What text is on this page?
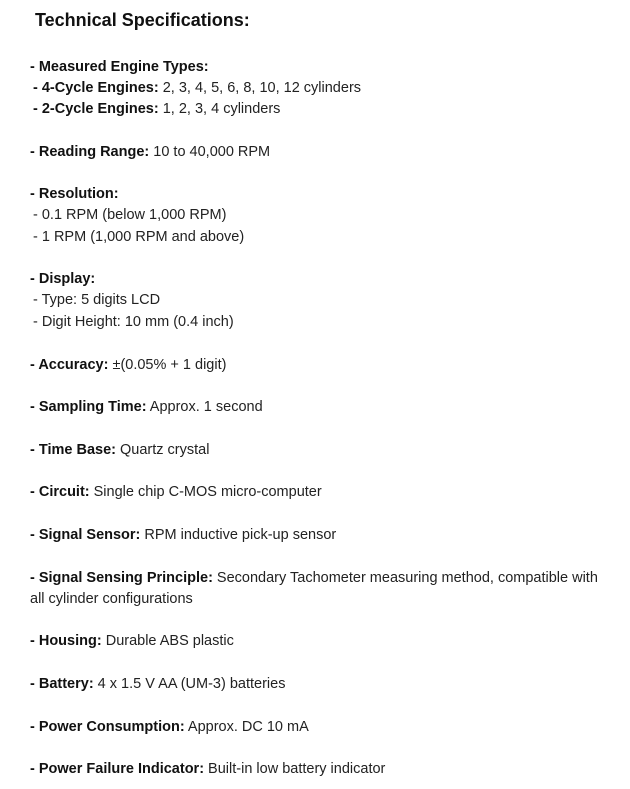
Technical Specifications:
- Measured Engine Types:
- 4-Cycle Engines: 2, 3, 4, 5, 6, 8, 10, 12 cylinders
- 2-Cycle Engines: 1, 2, 3, 4 cylinders
- Reading Range: 10 to 40,000 RPM
- Resolution:
- 0.1 RPM (below 1,000 RPM)
- 1 RPM (1,000 RPM and above)
- Display:
- Type: 5 digits LCD
- Digit Height: 10 mm (0.4 inch)
- Accuracy: ±(0.05% + 1 digit)
- Sampling Time: Approx. 1 second
- Time Base: Quartz crystal
- Circuit: Single chip C-MOS micro-computer
- Signal Sensor: RPM inductive pick-up sensor
- Signal Sensing Principle: Secondary Tachometer measuring method, compatible with all cylinder configurations
- Housing: Durable ABS plastic
- Battery: 4 x 1.5 V AA (UM-3) batteries
- Power Consumption: Approx. DC 10 mA
- Power Failure Indicator: Built-in low battery indicator
